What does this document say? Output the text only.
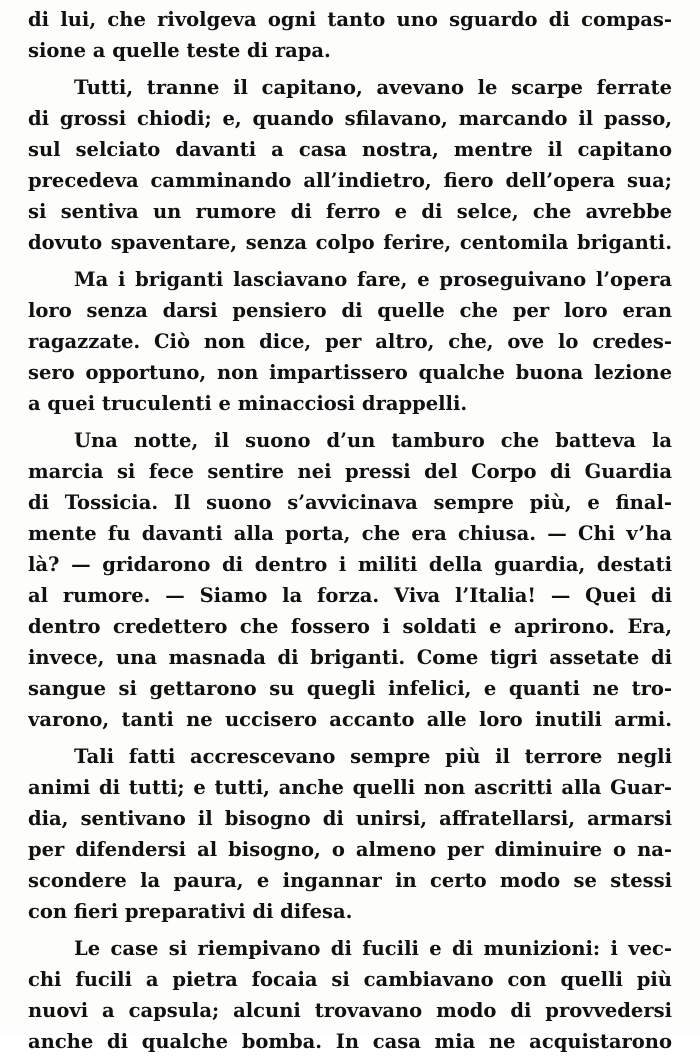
di lui, che rivolgeva ogni tanto uno sguardo di compas-
sione a quelle teste di rapa.
Tutti, tranne il capitano, avevano le scarpe ferrate
di grossi chiodi; e, quando sfilavano, marcando il passo,
sul selciato davanti a casa nostra, mentre il capitano
precedeva camminando all’indietro, fiero dell’opera sua;
si sentiva un rumore di ferro e di selce, che avrebbe
dovuto spaventare, senza colpo ferire, centomila briganti.
Ma i briganti lasciavano fare, e proseguivano l’opera
loro senza darsi pensiero di quelle che per loro eran
ragazzate. Ciò non dice, per altro, che, ove lo credes-
sero opportuno, non impartissero qualche buona lezione
a quei truculenti e minacciosi drappelli.
Una notte, il suono d’un tamburo che batteva la
marcia si fece sentire nei pressi del Corpo di Guardia
di Tossicia. Il suono s’avvicinava sempre più, e final-
mente fu davanti alla porta, che era chiusa. — Chi v’ha
là? — gridarono di dentro i militi della guardia, destati
al rumore. — Siamo la forza. Viva l’Italia! — Quei di
dentro credettero che fossero i soldati e aprirono. Era,
invece, una masnada di briganti. Come tigri assetate di
sangue si gettarono su quegli infelici, e quanti ne tro-
varono, tanti ne uccisero accanto alle loro inutili armi.
Tali fatti accrescevano sempre più il terrore negli
animi di tutti; e tutti, anche quelli non ascritti alla Guar-
dia, sentivano il bisogno di unirsi, affratellarsi, armarsi
per difendersi al bisogno, o almeno per diminuire o na-
scondere la paura, e ingannar in certo modo se stessi
con fieri preparativi di difesa.
Le case si riempivano di fucili e di munizioni: i vec-
chi fucili a pietra focaia si cambiavano con quelli più
nuovi a capsula; alcuni trovavano modo di provvedersi
anche di qualche bomba. In casa mia ne acquistarono
